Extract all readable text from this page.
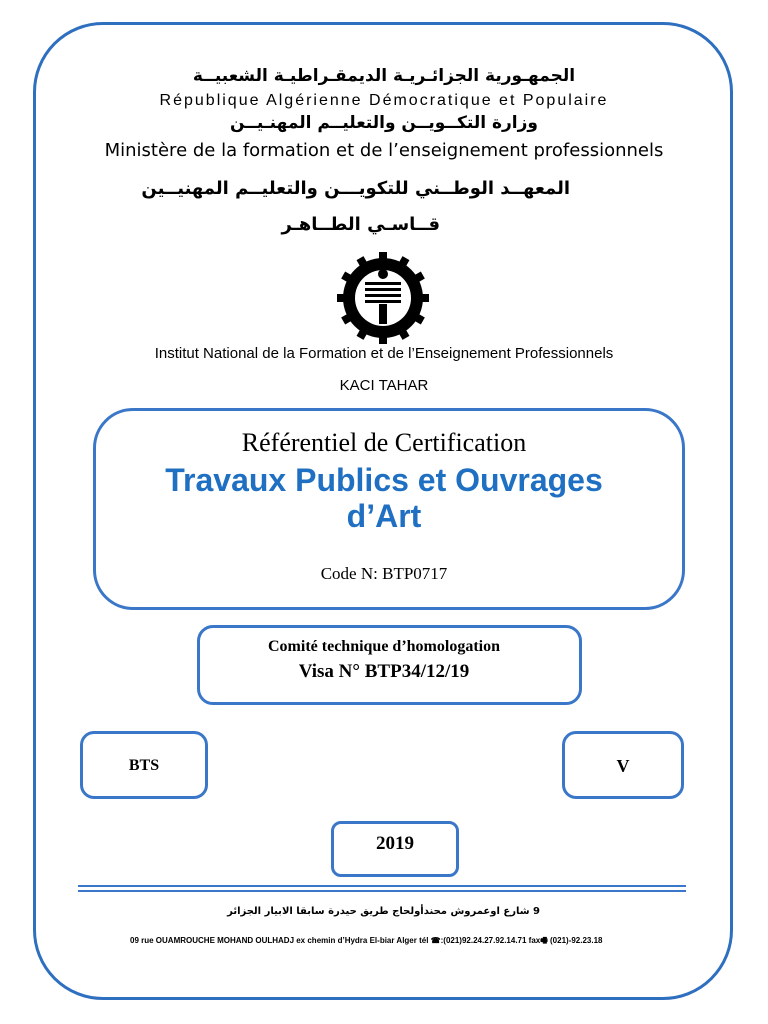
الجمهـورية الجزائـريـة الديمقـراطيـة الشعبيــة
République Algérienne Démocratique et Populaire
وزارة التكــويــن والتعليــم المهنـيــن
Ministère de la formation et de l’enseignement professionnels
المعهــد الوطــني للتكويـــن والتعليــم المهنيــين
قــاسـي الطــاهـر
Institut National de la Formation et de l’Enseignement Professionnels
KACI TAHAR
Référentiel de Certification
Travaux Publics et Ouvrages
d’Art
Code N: BTP0717
Comité technique d’homologation
Visa N° BTP34/12/19
BTS	V
2019
9 شارع اوعمروش محندأولحاج طريق حيدرة سابقا الابيار الجزائر
09 rue OUAMROUCHE MOHAND OULHADJ ex chemin d’Hydra El-biar Alger tél ☎:(021)92.24.27.92.14.71 fax🖷 (021)-92.23.18
